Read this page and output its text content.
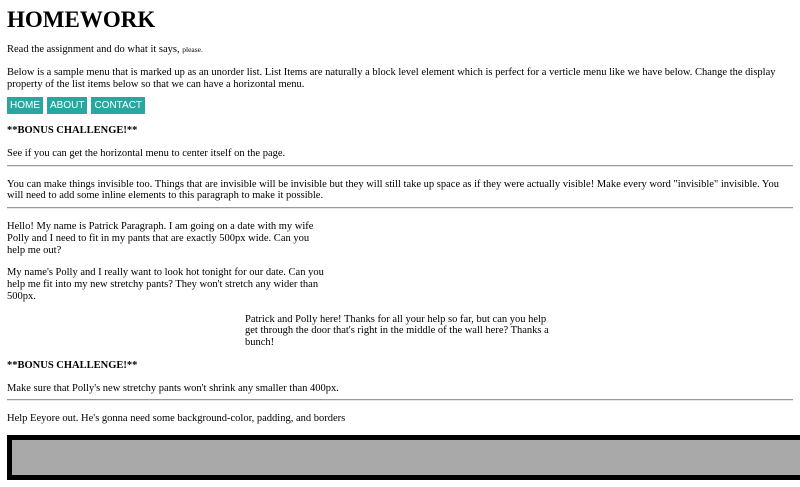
HOMEWORK

Read the assignment and do what it says, please.

Below is a sample menu that is marked up as an unorder list. List Items are naturally a block level element which is perfect for a verticle menu like we have below. Change the display property of the list items below so that we can have a horizontal menu.

HOME	ABOUT	CONTACT

**BONUS CHALLENGE!**

See if you can get the horizontal menu to center itself on the page.

You can make things invisible too. Things that are invisible will be invisible but they will still take up space as if they were actually visible! Make every word "invisible" invisible. You will need to add some inline elements to this paragraph to make it possible.

Hello! My name is Patrick Paragraph. I am going on a date with my wife Polly and I need to fit in my pants that are exactly 500px wide. Can you help me out?

My name's Polly and I really want to look hot tonight for our date. Can you help me fit into my new stretchy pants? They won't stretch any wider than 500px.

Patrick and Polly here! Thanks for all your help so far, but can you help get through the door that's right in the middle of the wall here? Thanks a bunch!

**BONUS CHALLENGE!**

Make sure that Polly's new stretchy pants won't shrink any smaller than 400px.

Help Eeyore out. He's gonna need some background-color, padding, and borders
